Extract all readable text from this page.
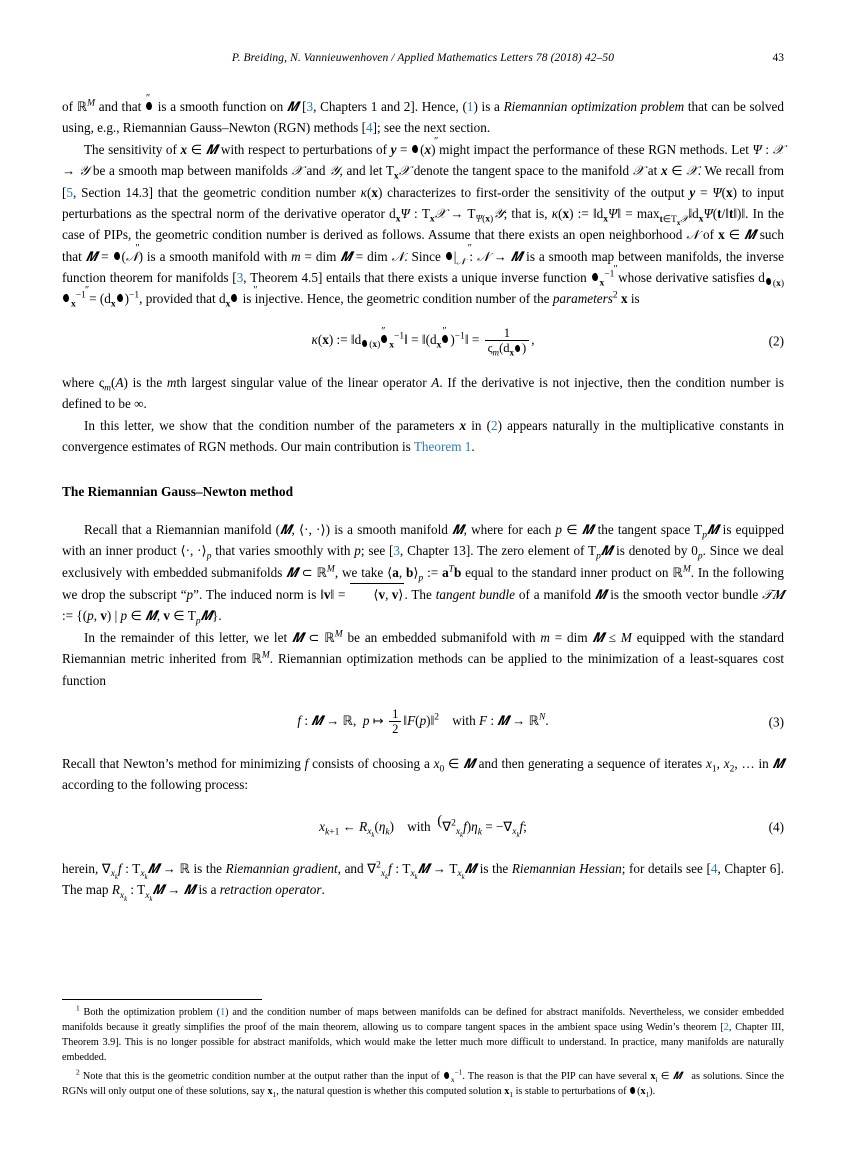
P. Breiding, N. Vannieuwenhoven / Applied Mathematics Letters 78 (2018) 42–50	43

of ℝ$^M$ and that ″ is a smooth function on 𝑴 [3, Chapters 1 and 2]. Hence, (1) is a Riemannian optimization problem that can be solved using, e.g., Riemannian Gauss–Newton (RGN) methods [4]; see the next section.

The sensitivity of x ∈ 𝑴 with respect to perturbations of y = ″(x) might impact the performance of these RGN methods. Let Ψ : 𝒳 → 𝒴 be a smooth map between manifolds 𝒳 and 𝒴, and let $T_x𝒳$ denote the tangent space to the manifold 𝒳 at x ∈ 𝒳. We recall from [5, Section 14.3] that the geometric condition number κ(x) characterizes to first-order the sensitivity of the output y = Ψ(x) to input perturbations as the spectral norm of the derivative operator $d_x\Psi$ : $T_x𝒳$ → $T_{\Psi(x)}𝒴$; that is, κ(x) := $‖d_x\Psi‖$ = $\max_{t\in T_x𝒳}‖d_x\Psi(t/‖t‖)‖$. In the case of PIPs, the geometric condition number is derived as follows. Assume that there exists an open neighborhood 𝒩 of x ∈ 𝑴 such that 𝑴 = ″(𝒩) is a smooth manifold with m = dim 𝑴 = dim 𝒩. Since $''|_𝒩$ : 𝒩 → 𝑴 is a smooth map between manifolds, the inverse function theorem for manifolds [3, Theorem 4.5] entails that there exists a unique inverse function $''_x^{-1}$ whose derivative satisfies d $_{(x)}''_x^{-1} = (d_x$ )$^{-1}$, provided that $d_x''$ is injective. Hence, the geometric condition number of the parameters$^2$ x is

κ(x) := ‖d $_{(x)}$″ $_x^{-1}$‖ = $‖(d_x$ ″ )$^{-1}$‖ = $\frac{1}{\varsigma_m(d_x )}$ ,	(2)

where $\varsigma_m(A)$ is the mth largest singular value of the linear operator A. If the derivative is not injective, then the condition number is defined to be ∞.

In this letter, we show that the condition number of the parameters x in (2) appears naturally in the multiplicative constants in convergence estimates of RGN methods. Our main contribution is Theorem 1.

The Riemannian Gauss–Newton method

Recall that a Riemannian manifold (𝑴, ⟨·, ·⟩) is a smooth manifold 𝑴, where for each p ∈ 𝑴 the tangent space $T_p𝑴$ is equipped with an inner product ⟨·, $\cdot⟩_p$ that varies smoothly with p; see [3, Chapter 13]. The zero element of $T_p𝑴$ is denoted by $0_p$. Since we deal exclusively with embedded submanifolds 𝑴 ⊂ ℝ$^M$, we take ⟨a, $b⟩_p$ := $a^Tb$ equal to the standard inner product on ℝ$^M$. In the following we drop the subscript “p”. The induced norm is ‖v‖ = ⟨v, v⟩. The tangent bundle of a manifold 𝑴 is the smooth vector bundle 𝒯𝑴 := {(p, v) | p ∈ 𝑴, v ∈ $T_p𝑴$}.

In the remainder of this letter, we let 𝑴 ⊂ ℝ$^M$ be an embedded submanifold with m = dim 𝑴 ≤ M equipped with the standard Riemannian metric inherited from ℝ$^M$. Riemannian optimization methods can be applied to the minimization of a least-squares cost function

f : 𝑴 → ℝ,  p ↦ $\frac{1}{2}$ ‖F(p)‖$^2$    with F : 𝑴 → ℝ$^N$.	(3)

Recall that Newton’s method for minimizing f consists of choosing a $x_0$ ∈ 𝑴 and then generating a sequence of iterates $x_1$, $x_2$, … in 𝑴 according to the following process:

$x_{k+1}$ ← $R_{x_k}(\eta_k)$    with  $(\nabla^2_{x_k}f)\eta_k = -\nabla_{x_k}f$;	(4)

herein, $\nabla_{x_k}f$ : $T_{x_k}𝑴$ → ℝ is the Riemannian gradient, and ∇$^2_{x_k}$f : $T_{x_k}𝑴$ → $T_{x_k}𝑴$ is the Riemannian Hessian; for details see [4, Chapter 6]. The map $R_{x_k}$ : $T_{x_k}𝑴$ → 𝑴 is a retraction operator.

$^1$ Both the optimization problem (1) and the condition number of maps between manifolds can be defined for abstract manifolds. Nevertheless, we consider embedded manifolds because it greatly simplifies the proof of the main theorem, allowing us to compare tangent spaces in the ambient space using Wedin’s theorem [2, Chapter III, Theorem 3.9]. This is no longer possible for abstract manifolds, which would make the letter much more difficult to understand. In practice, many manifolds are naturally embedded.
$^2$ Note that this is the geometric condition number at the output rather than the input of $_x^{-1}$. The reason is that the PIP can have several $x_i$ ∈ 𝑴   as solutions. Since the RGNs will only output one of these solutions, say $x_1$, the natural question is whether this computed solution $x_1$ is stable to perturbations of $(x_1)$.
